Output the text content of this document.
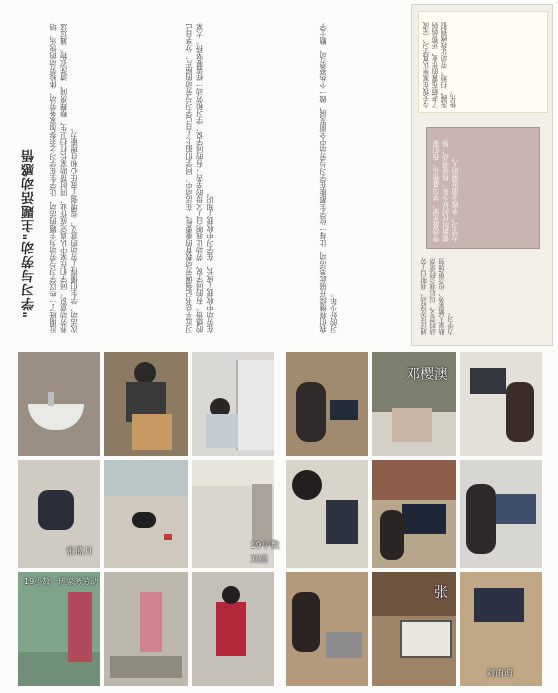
"学习与劳动"主题活动感悟	近期班了一些以学习与劳动为主题的活动，让学生在学习之余参加家务劳动，体验劳动的快乐，培养劳动意识。同学们在家中认真完成作业，同时帮助家长打扫卫生、整理房间、清洗衣物。通过这次活动，学生们懂得了劳动的意义，也增强了责任心和自理能力。	习近平总书记强调劳动教育的重要性。在活动中，同学们拍下了自己学习与劳动的照片，分享自己的感悟。有的同学说，劳动让我明白了父母的辛苦；有的同学说，学习和劳动一样需要坚持。大家在劳动中收获了成长，在学习中收获了知识。	我们将继续开展此类活动，让每一位学生都能在学习与劳动中全面发展，做一个热爱劳动、勤于学习的好少年。
今天我在家里认真学习，完成了老师布置的作业，还帮妈妈洗碗、扫地。劳动让我感到很快乐。
劳动最光荣，学习最快乐。我们要做新时代的好少年，热爱劳动，努力学习，争做全面发展的人。
通过这次活动，我明白了劳动的意义。以后我会经常帮助家人做家务，也会更加努力学习。
张蓝月
19小数
刘晨
19小数一班家务劳动
邓樱澳
张
刘雨萌
